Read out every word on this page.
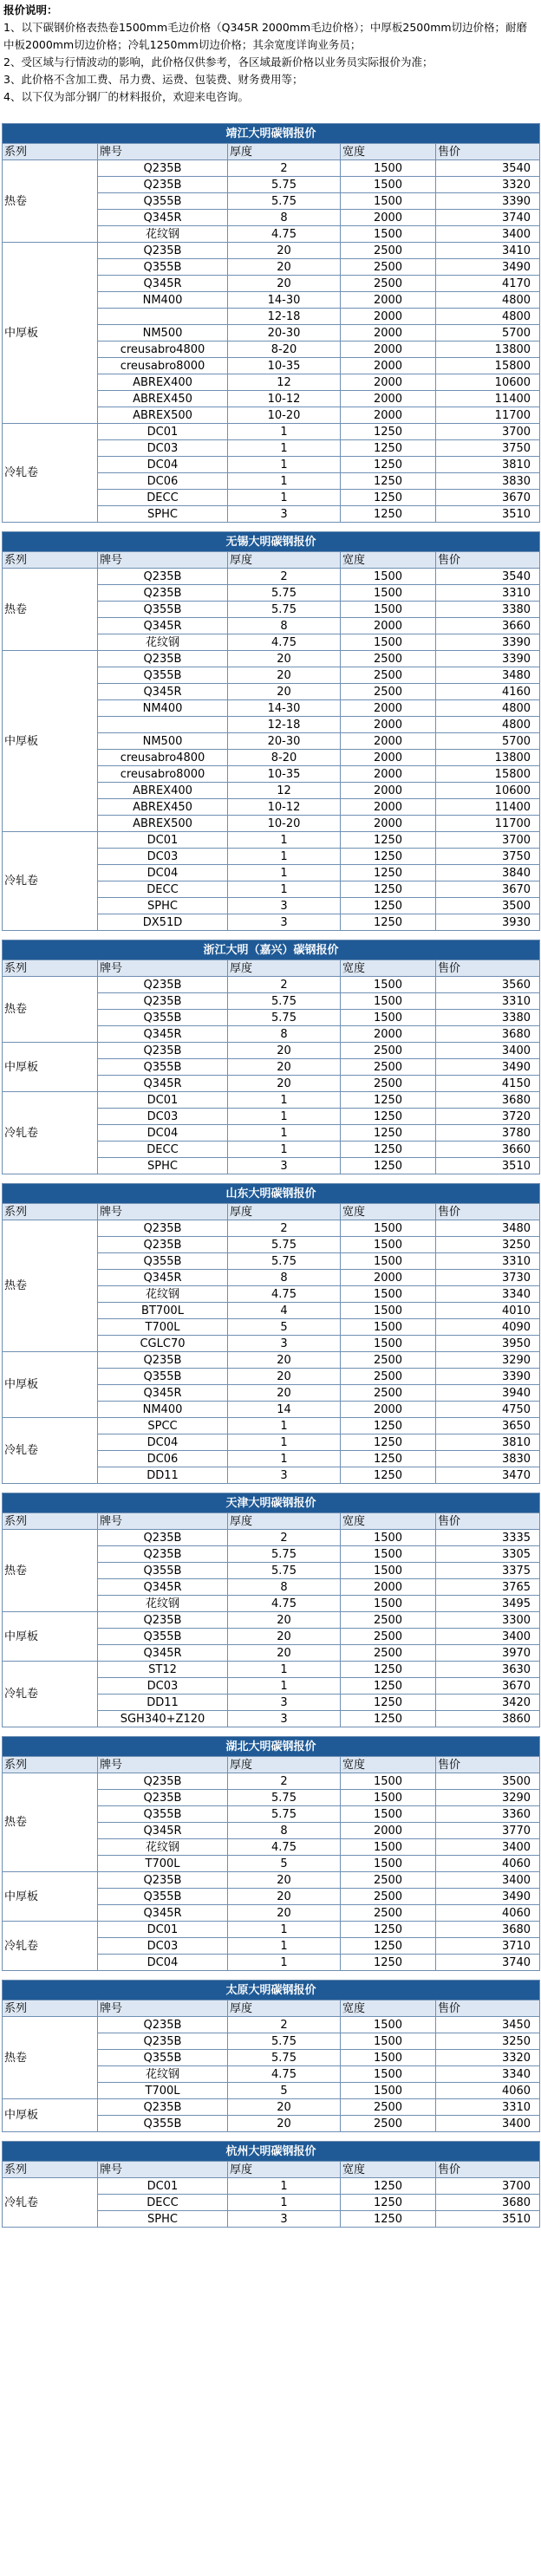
报价说明：
1、以下碳钢价格表热卷1500mm毛边价格（Q345R 2000mm毛边价格）；中厚板2500mm切边价格；耐磨中板2000mm切边价格；冷轧1250mm切边价格；其余宽度详询业务员；
2、受区域与行情波动的影响，此价格仅供参考，各区域最新价格以业务员实际报价为准；
3、此价格不含加工费、吊力费、运费、包装费、财务费用等；
4、以下仅为部分钢厂的材料报价，欢迎来电咨询。
靖江大明碳钢报价				
系列	牌号	厚度	宽度	售价
热卷	Q235B	2	1500	3540
	Q235B	5.75	1500	3320
	Q355B	5.75	1500	3390
	Q345R	8	2000	3740
	花纹钢	4.75	1500	3400
中厚板	Q235B	20	2500	3410
	Q355B	20	2500	3490
	Q345R	20	2500	4170
	NM400	14-30	2000	4800
		12-18	2000	4800
	NM500	20-30	2000	5700
	creusabro4800	8-20	2000	13800
	creusabro8000	10-35	2000	15800
	ABREX400	12	2000	10600
	ABREX450	10-12	2000	11400
	ABREX500	10-20	2000	11700
冷轧卷	DC01	1	1250	3700
	DC03	1	1250	3750
	DC04	1	1250	3810
	DC06	1	1250	3830
	DECC	1	1250	3670
	SPHC	3	1250	3510
无锡大明碳钢报价				
系列	牌号	厚度	宽度	售价
热卷	Q235B	2	1500	3540
	Q235B	5.75	1500	3310
	Q355B	5.75	1500	3380
	Q345R	8	2000	3660
	花纹钢	4.75	1500	3390
中厚板	Q235B	20	2500	3390
	Q355B	20	2500	3480
	Q345R	20	2500	4160
	NM400	14-30	2000	4800
		12-18	2000	4800
	NM500	20-30	2000	5700
	creusabro4800	8-20	2000	13800
	creusabro8000	10-35	2000	15800
	ABREX400	12	2000	10600
	ABREX450	10-12	2000	11400
	ABREX500	10-20	2000	11700
冷轧卷	DC01	1	1250	3700
	DC03	1	1250	3750
	DC04	1	1250	3840
	DECC	1	1250	3670
	SPHC	3	1250	3500
	DX51D	3	1250	3930
浙江大明（嘉兴）碳钢报价				
系列	牌号	厚度	宽度	售价
热卷	Q235B	2	1500	3560
	Q235B	5.75	1500	3310
	Q355B	5.75	1500	3380
	Q345R	8	2000	3680
中厚板	Q235B	20	2500	3400
	Q355B	20	2500	3490
	Q345R	20	2500	4150
冷轧卷	DC01	1	1250	3680
	DC03	1	1250	3720
	DC04	1	1250	3780
	DECC	1	1250	3660
	SPHC	3	1250	3510
山东大明碳钢报价				
系列	牌号	厚度	宽度	售价
热卷	Q235B	2	1500	3480
	Q235B	5.75	1500	3250
	Q355B	5.75	1500	3310
	Q345R	8	2000	3730
	花纹钢	4.75	1500	3340
	BT700L	4	1500	4010
	T700L	5	1500	4090
	CGLC70	3	1500	3950
中厚板	Q235B	20	2500	3290
	Q355B	20	2500	3390
	Q345R	20	2500	3940
	NM400	14	2000	4750
冷轧卷	SPCC	1	1250	3650
	DC04	1	1250	3810
	DC06	1	1250	3830
	DD11	3	1250	3470
天津大明碳钢报价				
系列	牌号	厚度	宽度	售价
热卷	Q235B	2	1500	3335
	Q235B	5.75	1500	3305
	Q355B	5.75	1500	3375
	Q345R	8	2000	3765
	花纹钢	4.75	1500	3495
中厚板	Q235B	20	2500	3300
	Q355B	20	2500	3400
	Q345R	20	2500	3970
冷轧卷	ST12	1	1250	3630
	DC03	1	1250	3670
	DD11	3	1250	3420
	SGH340+Z120	3	1250	3860
湖北大明碳钢报价				
系列	牌号	厚度	宽度	售价
热卷	Q235B	2	1500	3500
	Q235B	5.75	1500	3290
	Q355B	5.75	1500	3360
	Q345R	8	2000	3770
	花纹钢	4.75	1500	3400
	T700L	5	1500	4060
中厚板	Q235B	20	2500	3400
	Q355B	20	2500	3490
	Q345R	20	2500	4060
冷轧卷	DC01	1	1250	3680
	DC03	1	1250	3710
	DC04	1	1250	3740
太原大明碳钢报价				
系列	牌号	厚度	宽度	售价
热卷	Q235B	2	1500	3450
	Q235B	5.75	1500	3250
	Q355B	5.75	1500	3320
	花纹钢	4.75	1500	3340
	T700L	5	1500	4060
中厚板	Q235B	20	2500	3310
	Q355B	20	2500	3400
杭州大明碳钢报价				
系列	牌号	厚度	宽度	售价
冷轧卷	DC01	1	1250	3700
	DECC	1	1250	3680
	SPHC	3	1250	3510
